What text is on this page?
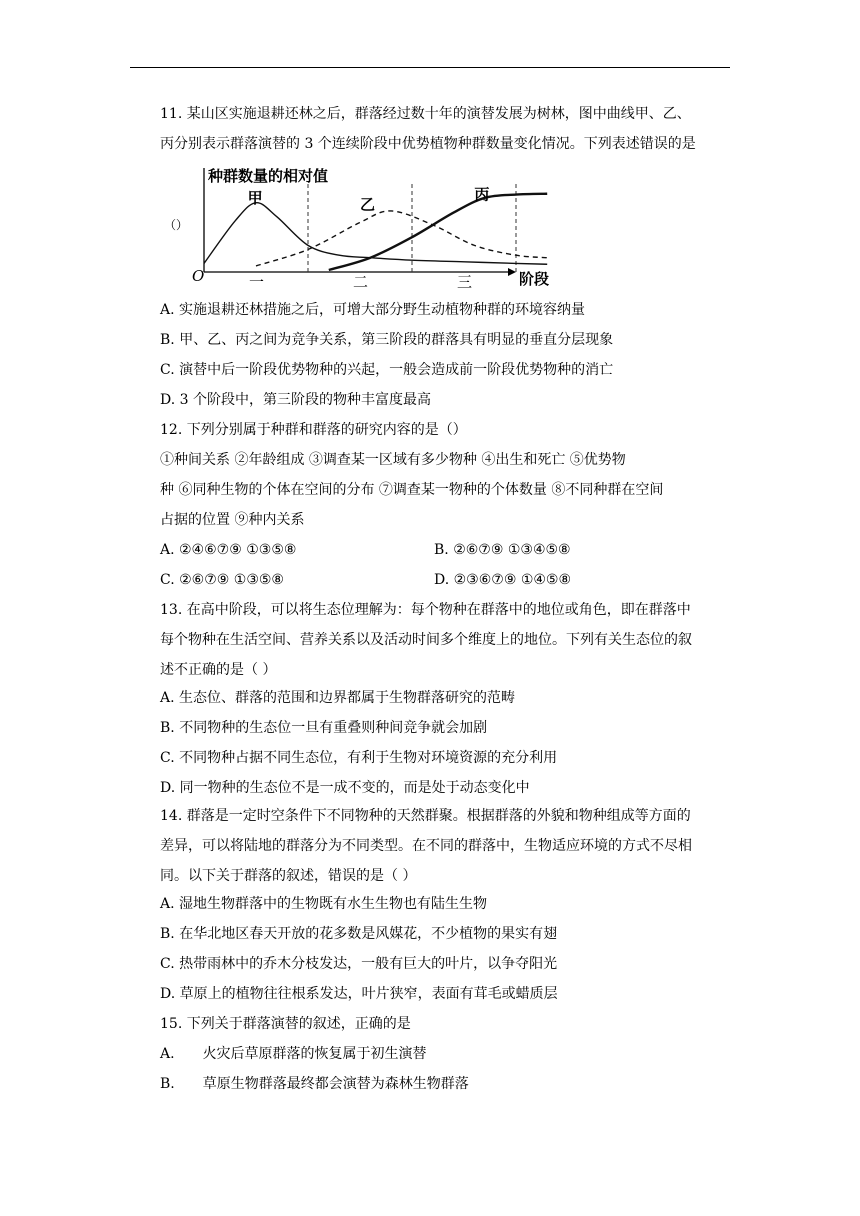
11. 某山区实施退耕还林之后，群落经过数十年的演替发展为树林，图中曲线甲、乙、
丙分别表示群落演替的 3 个连续阶段中优势植物种群数量变化情况。下列表述错误的是
（）
种群数量的相对值
O	阶段
一	二	三
甲	乙
丙
A. 实施退耕还林措施之后，可增大部分野生动植物种群的环境容纳量
B. 甲、乙、丙之间为竞争关系，第三阶段的群落具有明显的垂直分层现象
C. 演替中后一阶段优势物种的兴起，一般会造成前一阶段优势物种的消亡
D. 3 个阶段中，第三阶段的物种丰富度最高
12. 下列分别属于种群和群落的研究内容的是（）
①种间关系 ②年龄组成 ③调查某一区域有多少物种 ④出生和死亡 ⑤优势物
种 ⑥同种生物的个体在空间的分布 ⑦调查某一物种的个体数量 ⑧不同种群在空间
占据的位置 ⑨种内关系
A. ②④⑥⑦⑨ ①③⑤⑧	B. ②⑥⑦⑨ ①③④⑤⑧
C. ②⑥⑦⑨ ①③⑤⑧	D. ②③⑥⑦⑨ ①④⑤⑧
13. 在高中阶段，可以将生态位理解为：每个物种在群落中的地位或角色，即在群落中
每个物种在生活空间、营养关系以及活动时间多个维度上的地位。下列有关生态位的叙
述不正确的是（ ）
A. 生态位、群落的范围和边界都属于生物群落研究的范畴
B. 不同物种的生态位一旦有重叠则种间竞争就会加剧
C. 不同物种占据不同生态位，有利于生物对环境资源的充分利用
D. 同一物种的生态位不是一成不变的，而是处于动态变化中
14. 群落是一定时空条件下不同物种的天然群聚。根据群落的外貌和物种组成等方面的
差异，可以将陆地的群落分为不同类型。在不同的群落中，生物适应环境的方式不尽相
同。以下关于群落的叙述，错误的是（ ）
A. 湿地生物群落中的生物既有水生生物也有陆生生物
B. 在华北地区春天开放的花多数是风媒花，不少植物的果实有翅
C. 热带雨林中的乔木分枝发达，一般有巨大的叶片，以争夺阳光
D. 草原上的植物往往根系发达，叶片狭窄，表面有茸毛或蜡质层
15. 下列关于群落演替的叙述，正确的是
A. 火灾后草原群落的恢复属于初生演替
B. 草原生物群落最终都会演替为森林生物群落
